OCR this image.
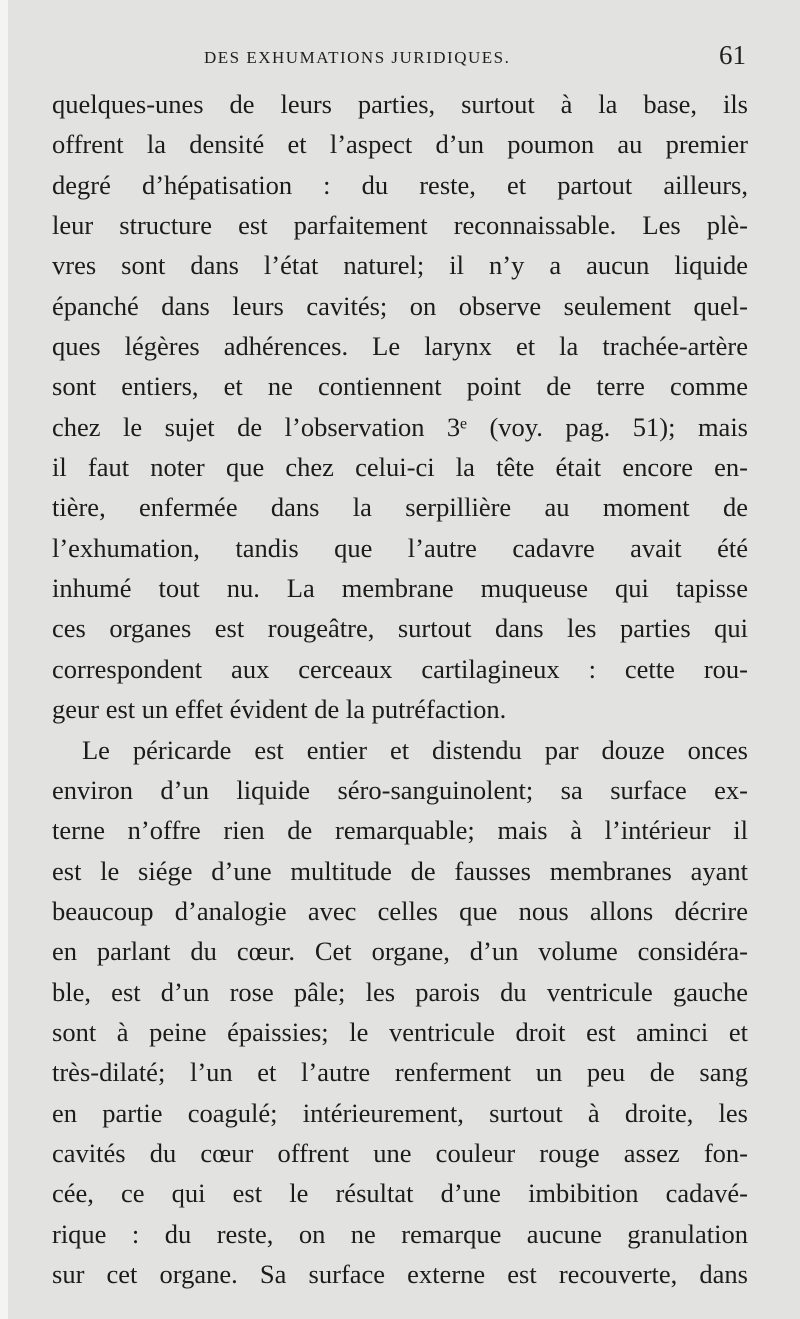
DES EXHUMATIONS JURIDIQUES.	61
quelques-unes de leurs parties, surtout à la base, ils
offrent la densité et l’aspect d’un poumon au premier
degré d’hépatisation : du reste, et partout ailleurs,
leur structure est parfaitement reconnaissable. Les plè-
vres sont dans l’état naturel; il n’y a aucun liquide
épanché dans leurs cavités; on observe seulement quel-
ques légères adhérences. Le larynx et la trachée-artère
sont entiers, et ne contiennent point de terre comme
chez le sujet de l’observation 3ᵉ (voy. pag. 51); mais
il faut noter que chez celui-ci la tête était encore en-
tière, enfermée dans la serpillière au moment de
l’exhumation, tandis que l’autre cadavre avait été
inhumé tout nu. La membrane muqueuse qui tapisse
ces organes est rougeâtre, surtout dans les parties qui
correspondent aux cerceaux cartilagineux : cette rou-
geur est un effet évident de la putréfaction.
Le péricarde est entier et distendu par douze onces
environ d’un liquide séro-sanguinolent; sa surface ex-
terne n’offre rien de remarquable; mais à l’intérieur il
est le siége d’une multitude de fausses membranes ayant
beaucoup d’analogie avec celles que nous allons décrire
en parlant du cœur. Cet organe, d’un volume considéra-
ble, est d’un rose pâle; les parois du ventricule gauche
sont à peine épaissies; le ventricule droit est aminci et
très-dilaté; l’un et l’autre renferment un peu de sang
en partie coagulé; intérieurement, surtout à droite, les
cavités du cœur offrent une couleur rouge assez fon-
cée, ce qui est le résultat d’une imbibition cadavé-
rique : du reste, on ne remarque aucune granulation
sur cet organe. Sa surface externe est recouverte, dans
